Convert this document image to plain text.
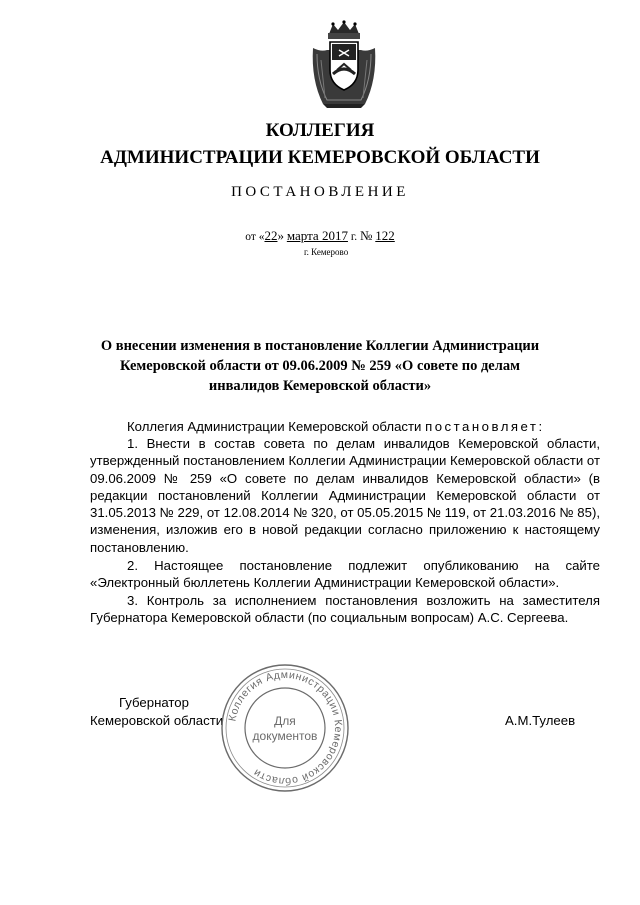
КОЛЛЕГИЯ
АДМИНИСТРАЦИИ КЕМЕРОВСКОЙ ОБЛАСТИ
ПОСТАНОВЛЕНИЕ
от «22» марта 2017 г. № 122
г. Кемерово
О внесении изменения в постановление Коллегии Администрации Кемеровской области от 09.06.2009 № 259 «О совете по делам инвалидов Кемеровской области»
Коллегия Администрации Кемеровской области постановляет:
1. Внести в состав совета по делам инвалидов Кемеровской области, утвержденный постановлением Коллегии Администрации Кемеровской области от 09.06.2009 № 259 «О совете по делам инвалидов Кемеровской области» (в редакции постановлений Коллегии Администрации Кемеровской области от 31.05.2013 № 229, от 12.08.2014 № 320, от 05.05.2015 № 119, от 21.03.2016 № 85), изменения, изложив его в новой редакции согласно приложению к настоящему постановлению.
2. Настоящее постановление подлежит опубликованию на сайте «Электронный бюллетень Коллегии Администрации Кемеровской области».
3. Контроль за исполнением постановления возложить на заместителя Губернатора Кемеровской области (по социальным вопросам) А.С. Сергеева.
Губернатор
Кемеровской области	А.М.Тулеев
Коллегия Администрации Кемеровской области
Для
документов
